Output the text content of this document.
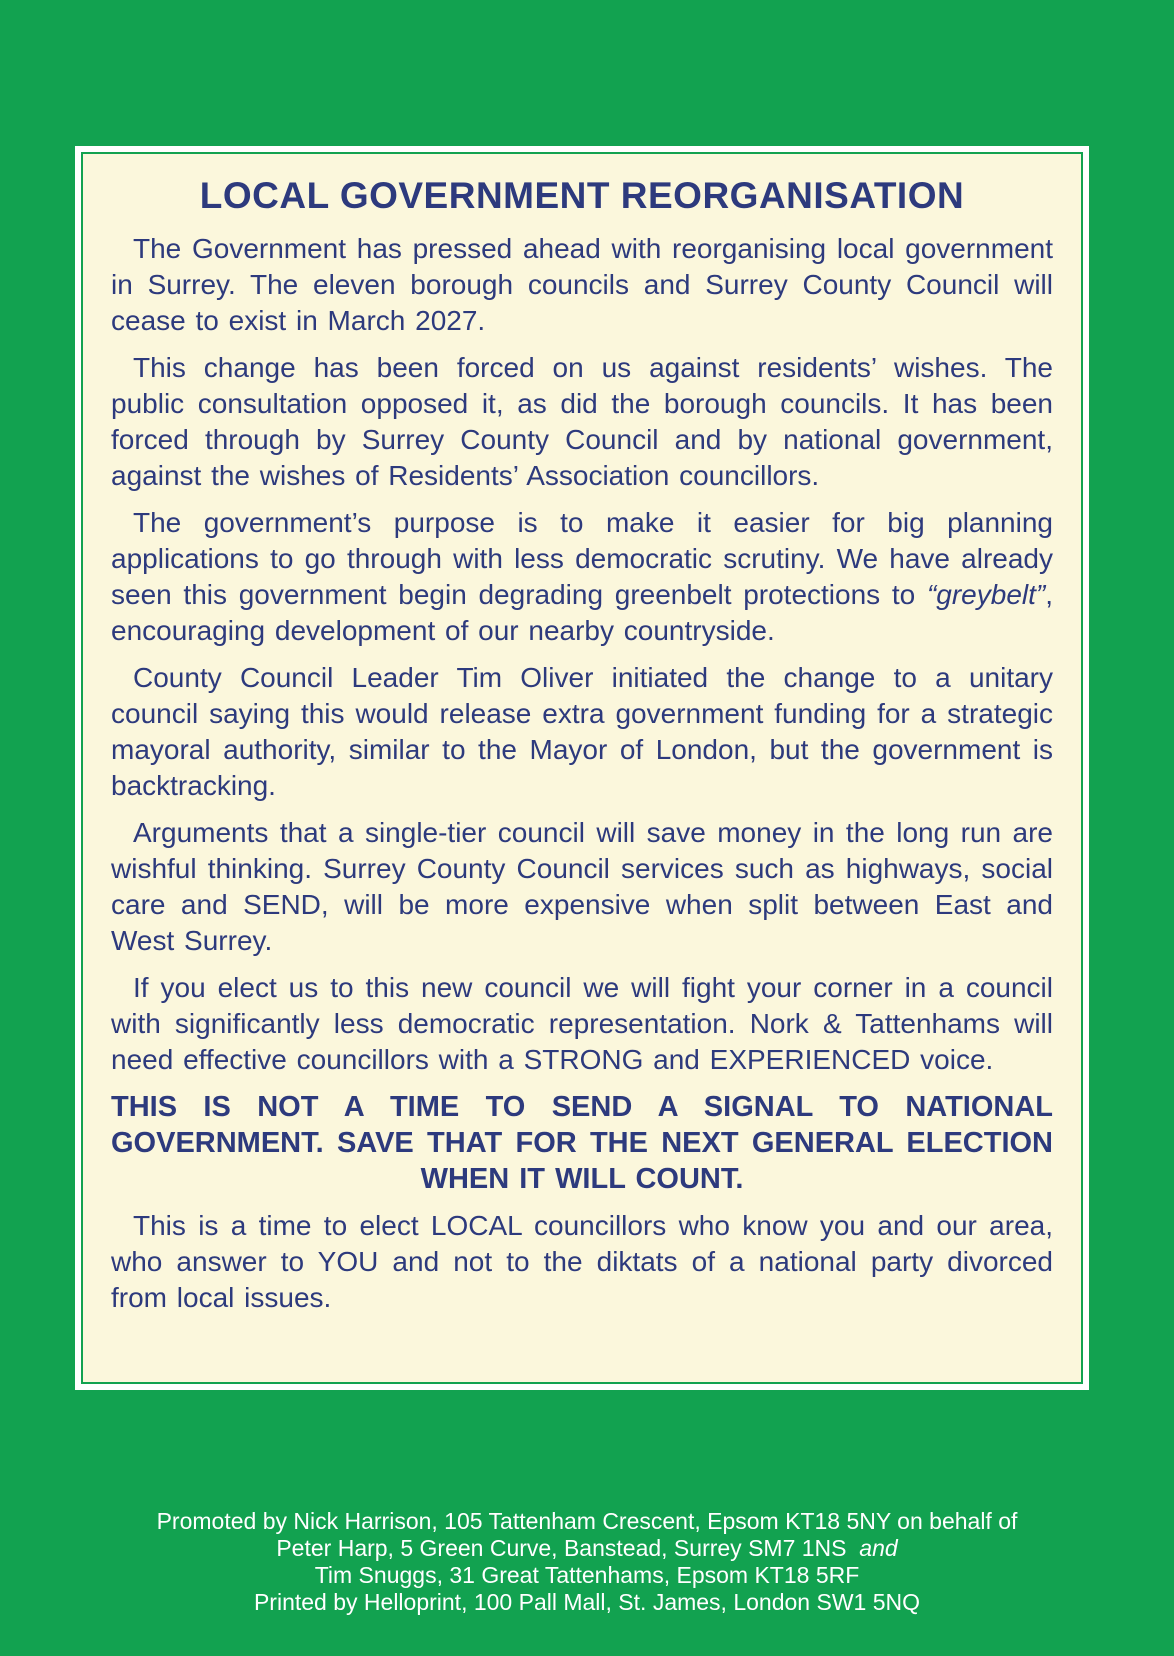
LOCAL GOVERNMENT REORGANISATION

The Government has pressed ahead with reorganising local government in Surrey. The eleven borough councils and Surrey County Council will cease to exist in March 2027.

This change has been forced on us against residents’ wishes. The public consultation opposed it, as did the borough councils. It has been forced through by Surrey County Council and by national government, against the wishes of Residents’ Association councillors.

The government’s purpose is to make it easier for big planning applications to go through with less democratic scrutiny. We have already seen this government begin degrading greenbelt protections to “greybelt”, encouraging development of our nearby countryside.

County Council Leader Tim Oliver initiated the change to a unitary council saying this would release extra government funding for a strategic mayoral authority, similar to the Mayor of London, but the government is backtracking.

Arguments that a single-tier council will save money in the long run are wishful thinking. Surrey County Council services such as highways, social care and SEND, will be more expensive when split between East and West Surrey.

If you elect us to this new council we will fight your corner in a council with significantly less democratic representation. Nork & Tattenhams will need effective councillors with a STRONG and EXPERIENCED voice.

THIS IS NOT A TIME TO SEND A SIGNAL TO NATIONAL GOVERNMENT. SAVE THAT FOR THE NEXT GENERAL ELECTION WHEN IT WILL COUNT.

This is a time to elect LOCAL councillors who know you and our area, who answer to YOU and not to the diktats of a national party divorced from local issues.

Promoted by Nick Harrison, 105 Tattenham Crescent, Epsom KT18 5NY on behalf of
Peter Harp, 5 Green Curve, Banstead, Surrey SM7 1NS  and
Tim Snuggs, 31 Great Tattenhams, Epsom KT18 5RF
Printed by Helloprint, 100 Pall Mall, St. James, London SW1 5NQ
